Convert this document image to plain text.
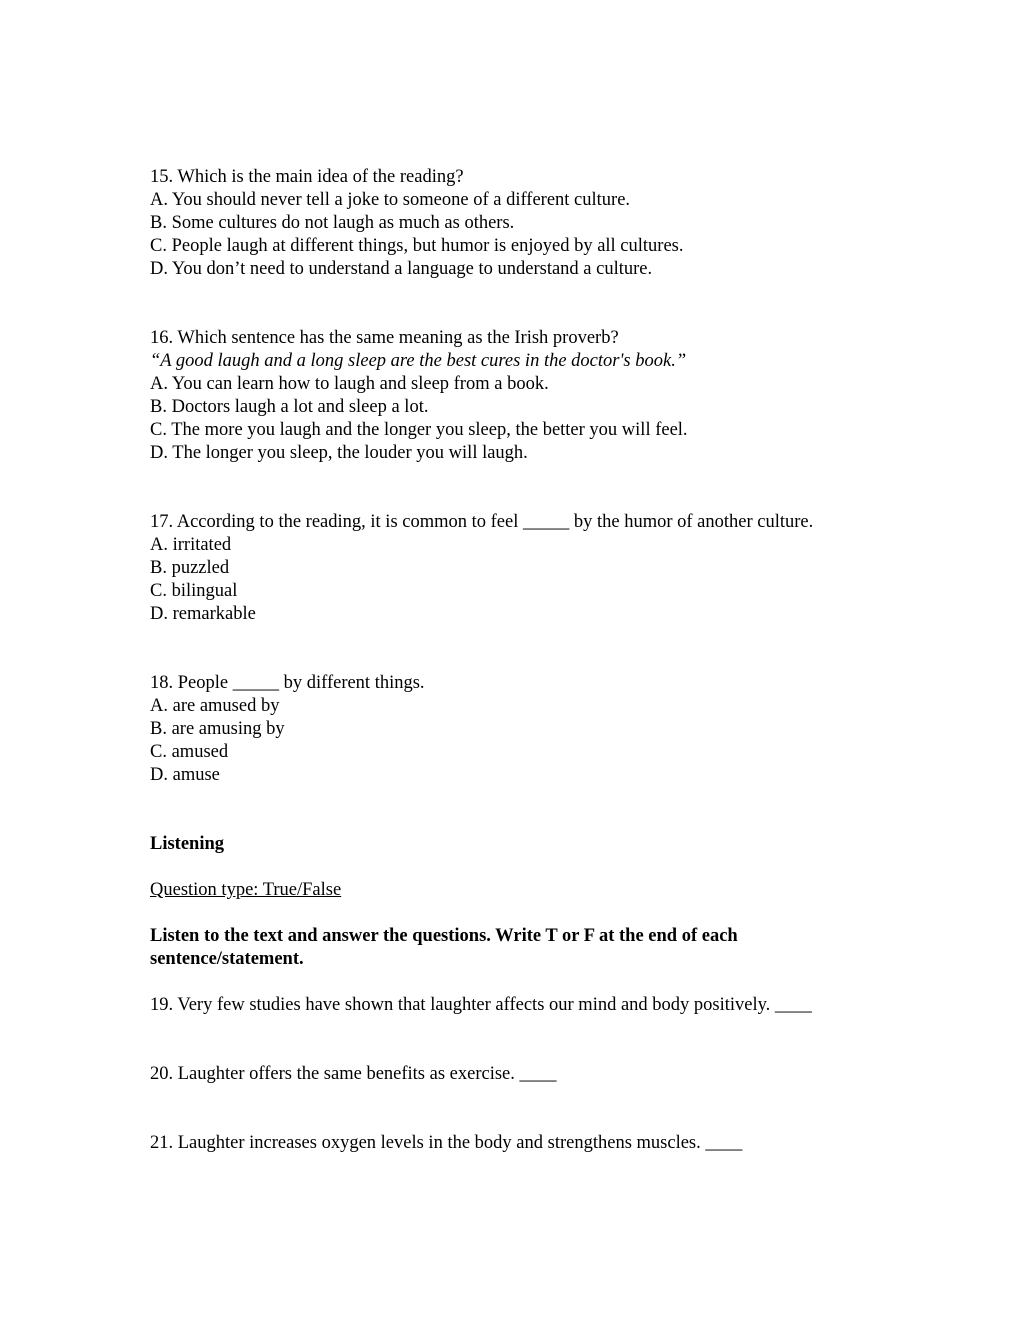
15. Which is the main idea of the reading?
A. You should never tell a joke to someone of a different culture.
B. Some cultures do not laugh as much as others.
C. People laugh at different things, but humor is enjoyed by all cultures.
D. You don’t need to understand a language to understand a culture.
16. Which sentence has the same meaning as the Irish proverb?
“A good laugh and a long sleep are the best cures in the doctor's book.”
A. You can learn how to laugh and sleep from a book.
B. Doctors laugh a lot and sleep a lot.
C. The more you laugh and the longer you sleep, the better you will feel.
D. The longer you sleep, the louder you will laugh.
17. According to the reading, it is common to feel _____ by the humor of another culture.
A. irritated
B. puzzled
C. bilingual
D. remarkable
18. People _____ by different things.
A. are amused by
B. are amusing by
C. amused
D. amuse
Listening
Question type: True/False
Listen to the text and answer the questions. Write T or F at the end of each sentence/statement.
19. Very few studies have shown that laughter affects our mind and body positively. ____
20. Laughter offers the same benefits as exercise. ____
21. Laughter increases oxygen levels in the body and strengthens muscles. ____
